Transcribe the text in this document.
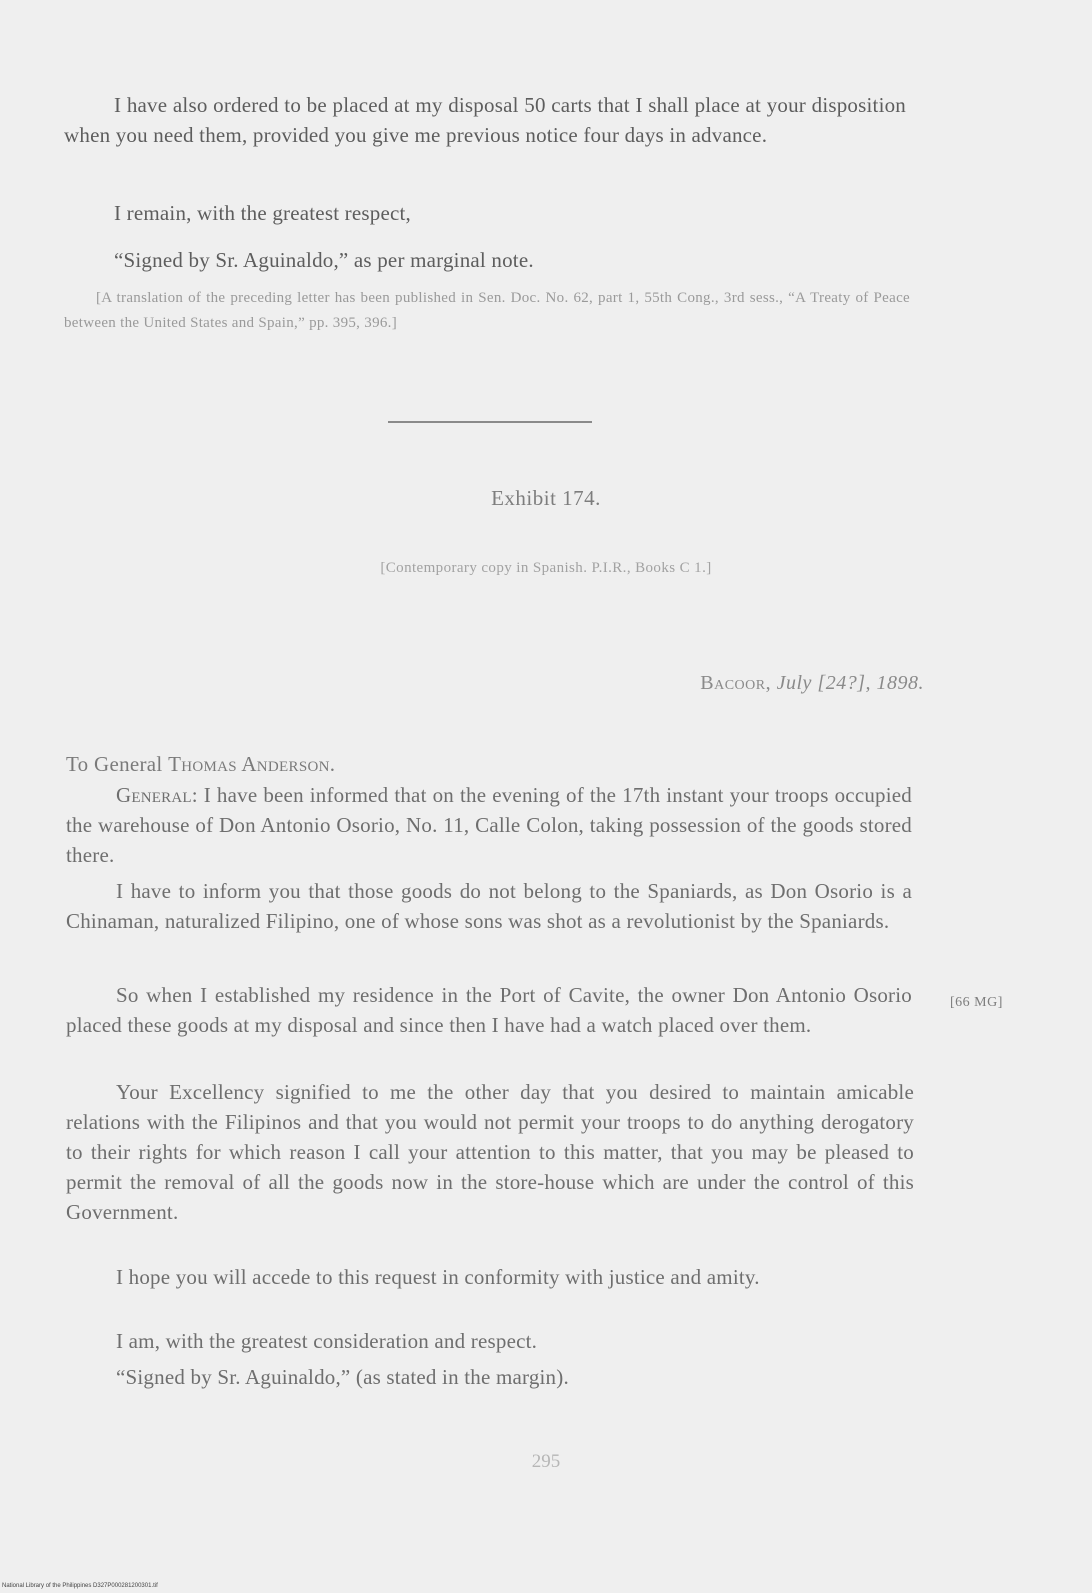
I have also ordered to be placed at my disposal 50 carts that I shall place at your disposition when you need them, provided you give me previous notice four days in advance.

I remain, with the greatest respect,

“Signed by Sr. Aguinaldo,” as per marginal note.

[A translation of the preceding letter has been published in Sen. Doc. No. 62, part 1, 55th Cong., 3rd sess., “A Treaty of Peace between the United States and Spain,” pp. 395, 396.]

Exhibit 174.
[Contemporary copy in Spanish. P.I.R., Books C 1.]
Bacoor, July [24?], 1898.
To General Thomas Anderson.

General: I have been informed that on the evening of the 17th instant your troops occupied the warehouse of Don Antonio Osorio, No. 11, Calle Colon, taking possession of the goods stored there.

I have to inform you that those goods do not belong to the Spaniards, as Don Osorio is a Chinaman, naturalized Filipino, one of whose sons was shot as a revolutionist by the Spaniards.

So when I established my residence in the Port of Cavite, the owner Don Antonio Osorio placed these goods at my disposal and since then I have had a watch placed over them.

[66 MG]

Your Excellency signified to me the other day that you desired to maintain amicable relations with the Filipinos and that you would not permit your troops to do anything derogatory to their rights for which reason I call your attention to this matter, that you may be pleased to permit the removal of all the goods now in the store-house which are under the control of this Government.

I hope you will accede to this request in conformity with justice and amity.

I am, with the greatest consideration and respect.

“Signed by Sr. Aguinaldo,” (as stated in the margin).

295
National Library of the Philippines D327P000281200301.tif
